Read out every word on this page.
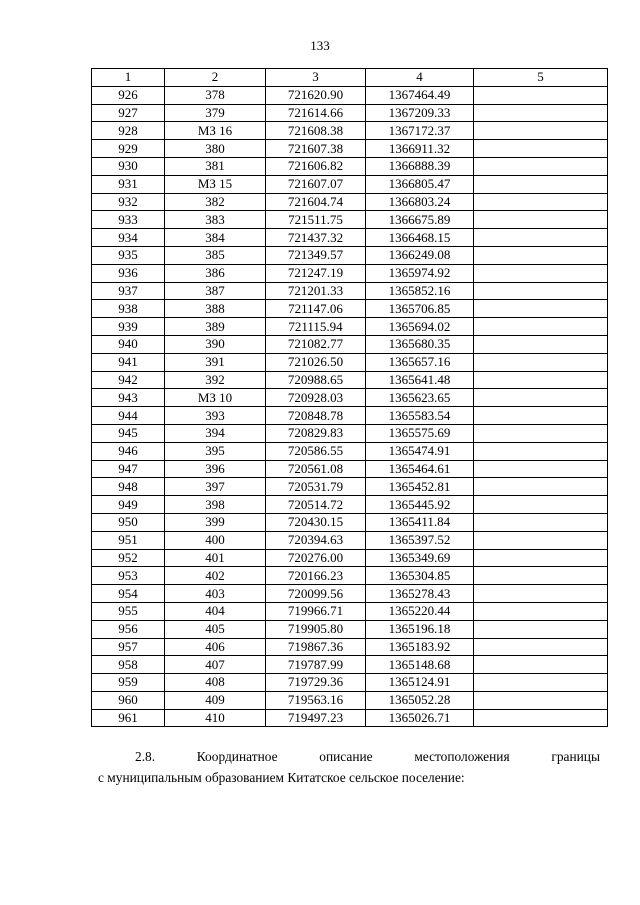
133
1	2	3	4	5
926	378	721620.90	1367464.49	
927	379	721614.66	1367209.33	
928	МЗ 16	721608.38	1367172.37	
929	380	721607.38	1366911.32	
930	381	721606.82	1366888.39	
931	МЗ 15	721607.07	1366805.47	
932	382	721604.74	1366803.24	
933	383	721511.75	1366675.89	
934	384	721437.32	1366468.15	
935	385	721349.57	1366249.08	
936	386	721247.19	1365974.92	
937	387	721201.33	1365852.16	
938	388	721147.06	1365706.85	
939	389	721115.94	1365694.02	
940	390	721082.77	1365680.35	
941	391	721026.50	1365657.16	
942	392	720988.65	1365641.48	
943	МЗ 10	720928.03	1365623.65	
944	393	720848.78	1365583.54	
945	394	720829.83	1365575.69	
946	395	720586.55	1365474.91	
947	396	720561.08	1365464.61	
948	397	720531.79	1365452.81	
949	398	720514.72	1365445.92	
950	399	720430.15	1365411.84	
951	400	720394.63	1365397.52	
952	401	720276.00	1365349.69	
953	402	720166.23	1365304.85	
954	403	720099.56	1365278.43	
955	404	719966.71	1365220.44	
956	405	719905.80	1365196.18	
957	406	719867.36	1365183.92	
958	407	719787.99	1365148.68	
959	408	719729.36	1365124.91	
960	409	719563.16	1365052.28	
961	410	719497.23	1365026.71	
2.8.	Координатное	описание	местоположения	границы
с муниципальным образованием Китатское сельское поселение:
